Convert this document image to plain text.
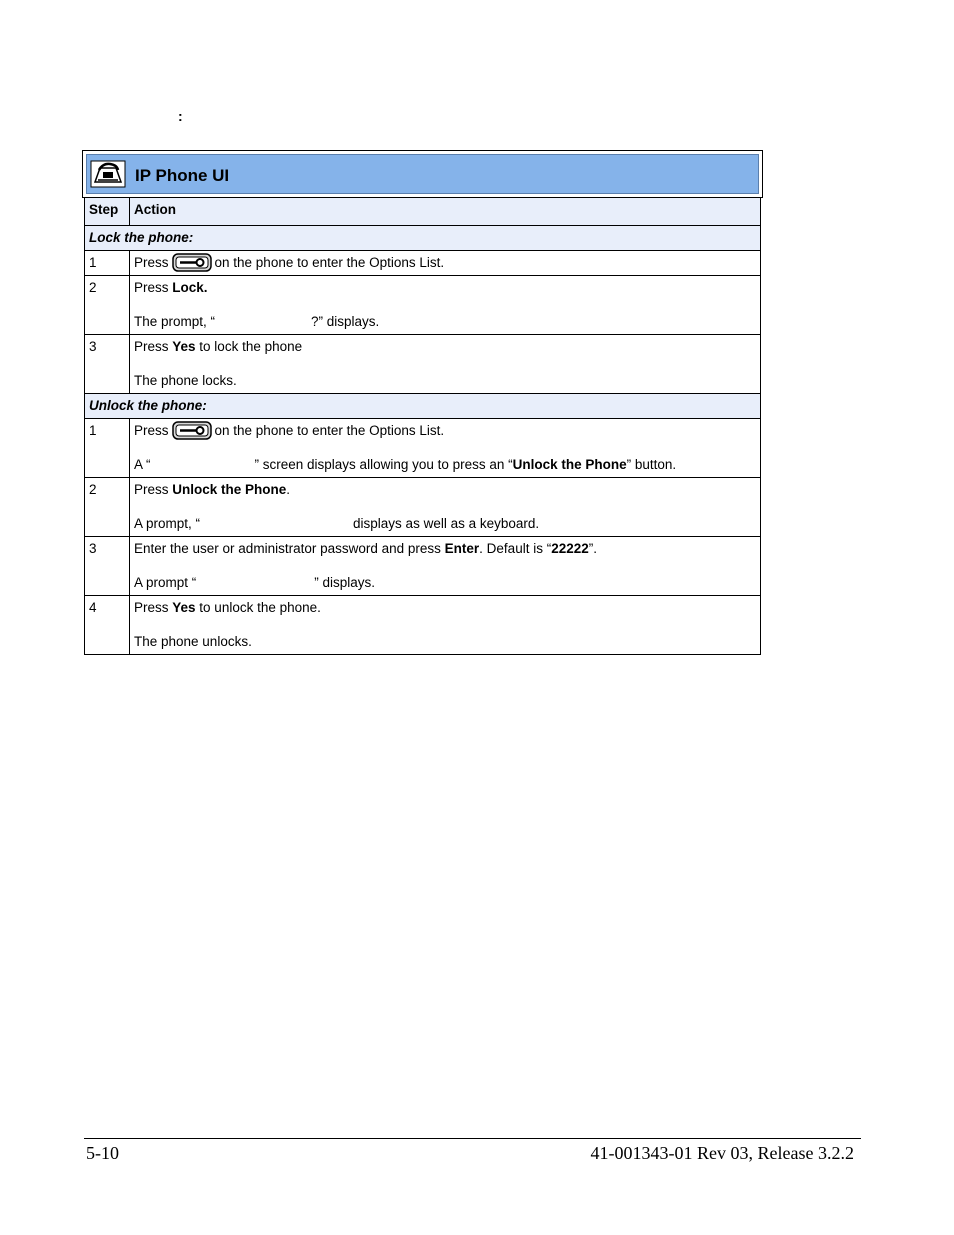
:
IP Phone UI
Step	Action
Lock the phone:	
1	Press on the phone to enter the Options List.
2	Press Lock.
The prompt, “ ?” displays.

3	Press Yes to lock the phone
The phone locks.

Unlock the phone:	
1	Press on the phone to enter the Options List.
A “ ” screen displays allowing you to press an “Unlock the Phone” button.

2	Press Unlock the Phone.
A prompt, “ displays as well as a keyboard.

3	Enter the user or administrator password and press Enter. Default is “22222”.
A prompt “ ” displays.

4	Press Yes to unlock the phone.
The phone unlocks.
5-10	41-001343-01 Rev 03, Release 3.2.2
